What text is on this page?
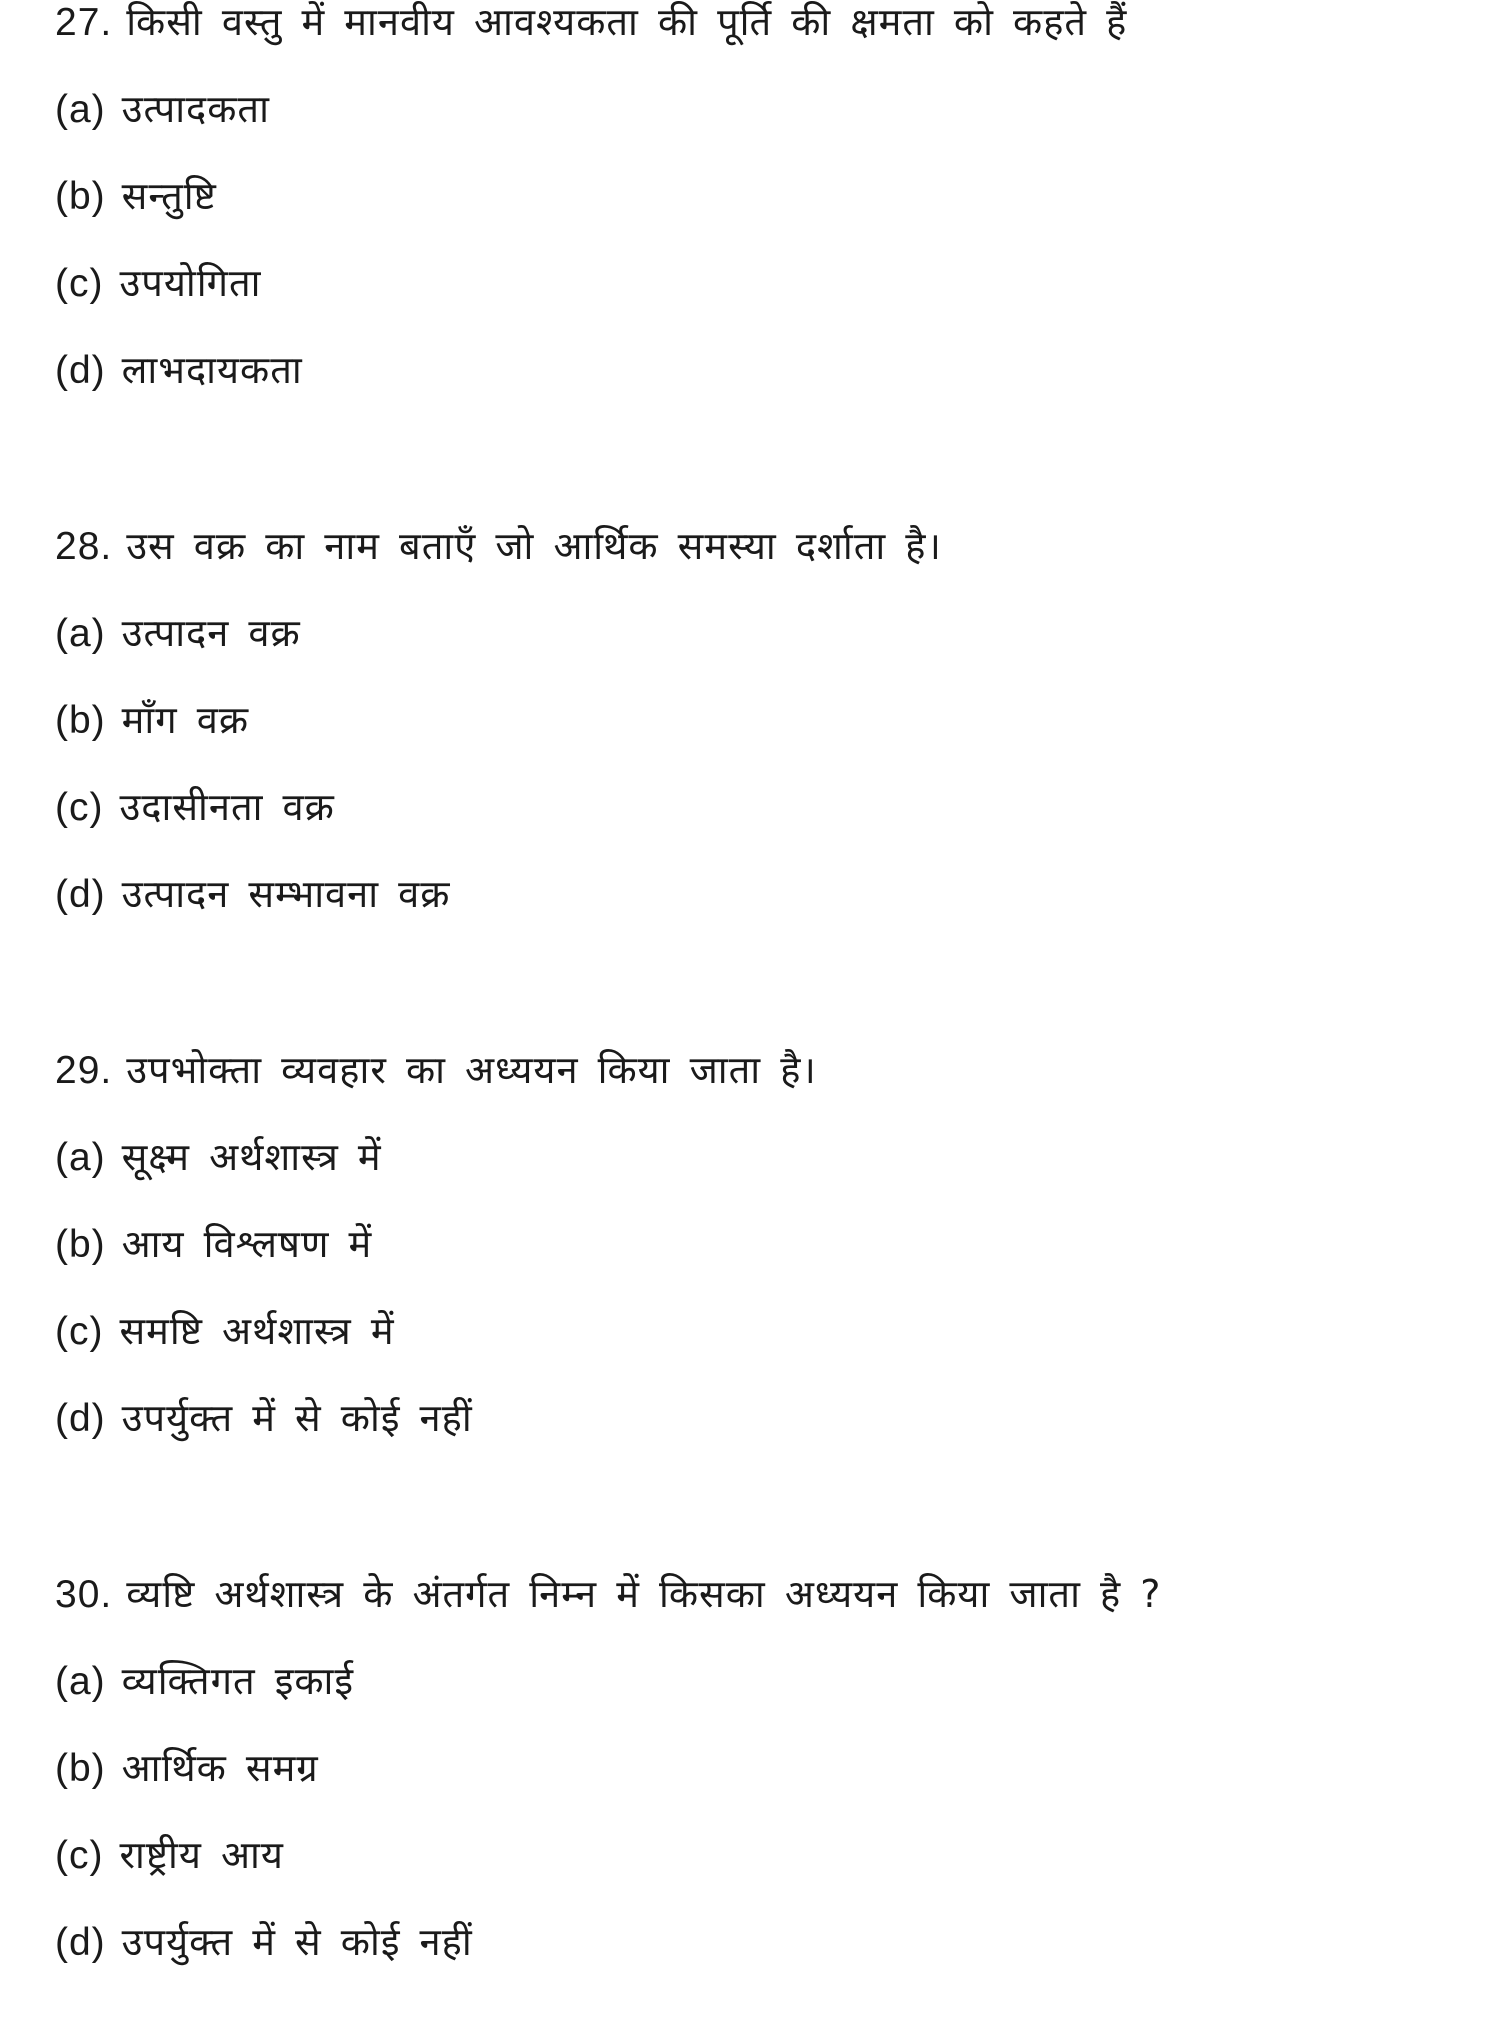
27. किसी वस्तु में मानवीय आवश्यकता की पूर्ति की क्षमता को कहते हैं
(a) उत्पादकता
(b) सन्तुष्टि
(c) उपयोगिता
(d) लाभदायकता
28. उस वक्र का नाम बताएँ जो आर्थिक समस्या दर्शाता है।
(a) उत्पादन वक्र
(b) माँग वक्र
(c) उदासीनता वक्र
(d) उत्पादन सम्भावना वक्र
29. उपभोक्ता व्यवहार का अध्ययन किया जाता है।
(a) सूक्ष्म अर्थशास्त्र में
(b) आय विश्लषण में
(c) समष्टि अर्थशास्त्र में
(d) उपर्युक्त में से कोई नहीं
30. व्यष्टि अर्थशास्त्र के अंतर्गत निम्न में किसका अध्ययन किया जाता है ?
(a) व्यक्तिगत इकाई
(b) आर्थिक समग्र
(c) राष्ट्रीय आय
(d) उपर्युक्त में से कोई नहीं
